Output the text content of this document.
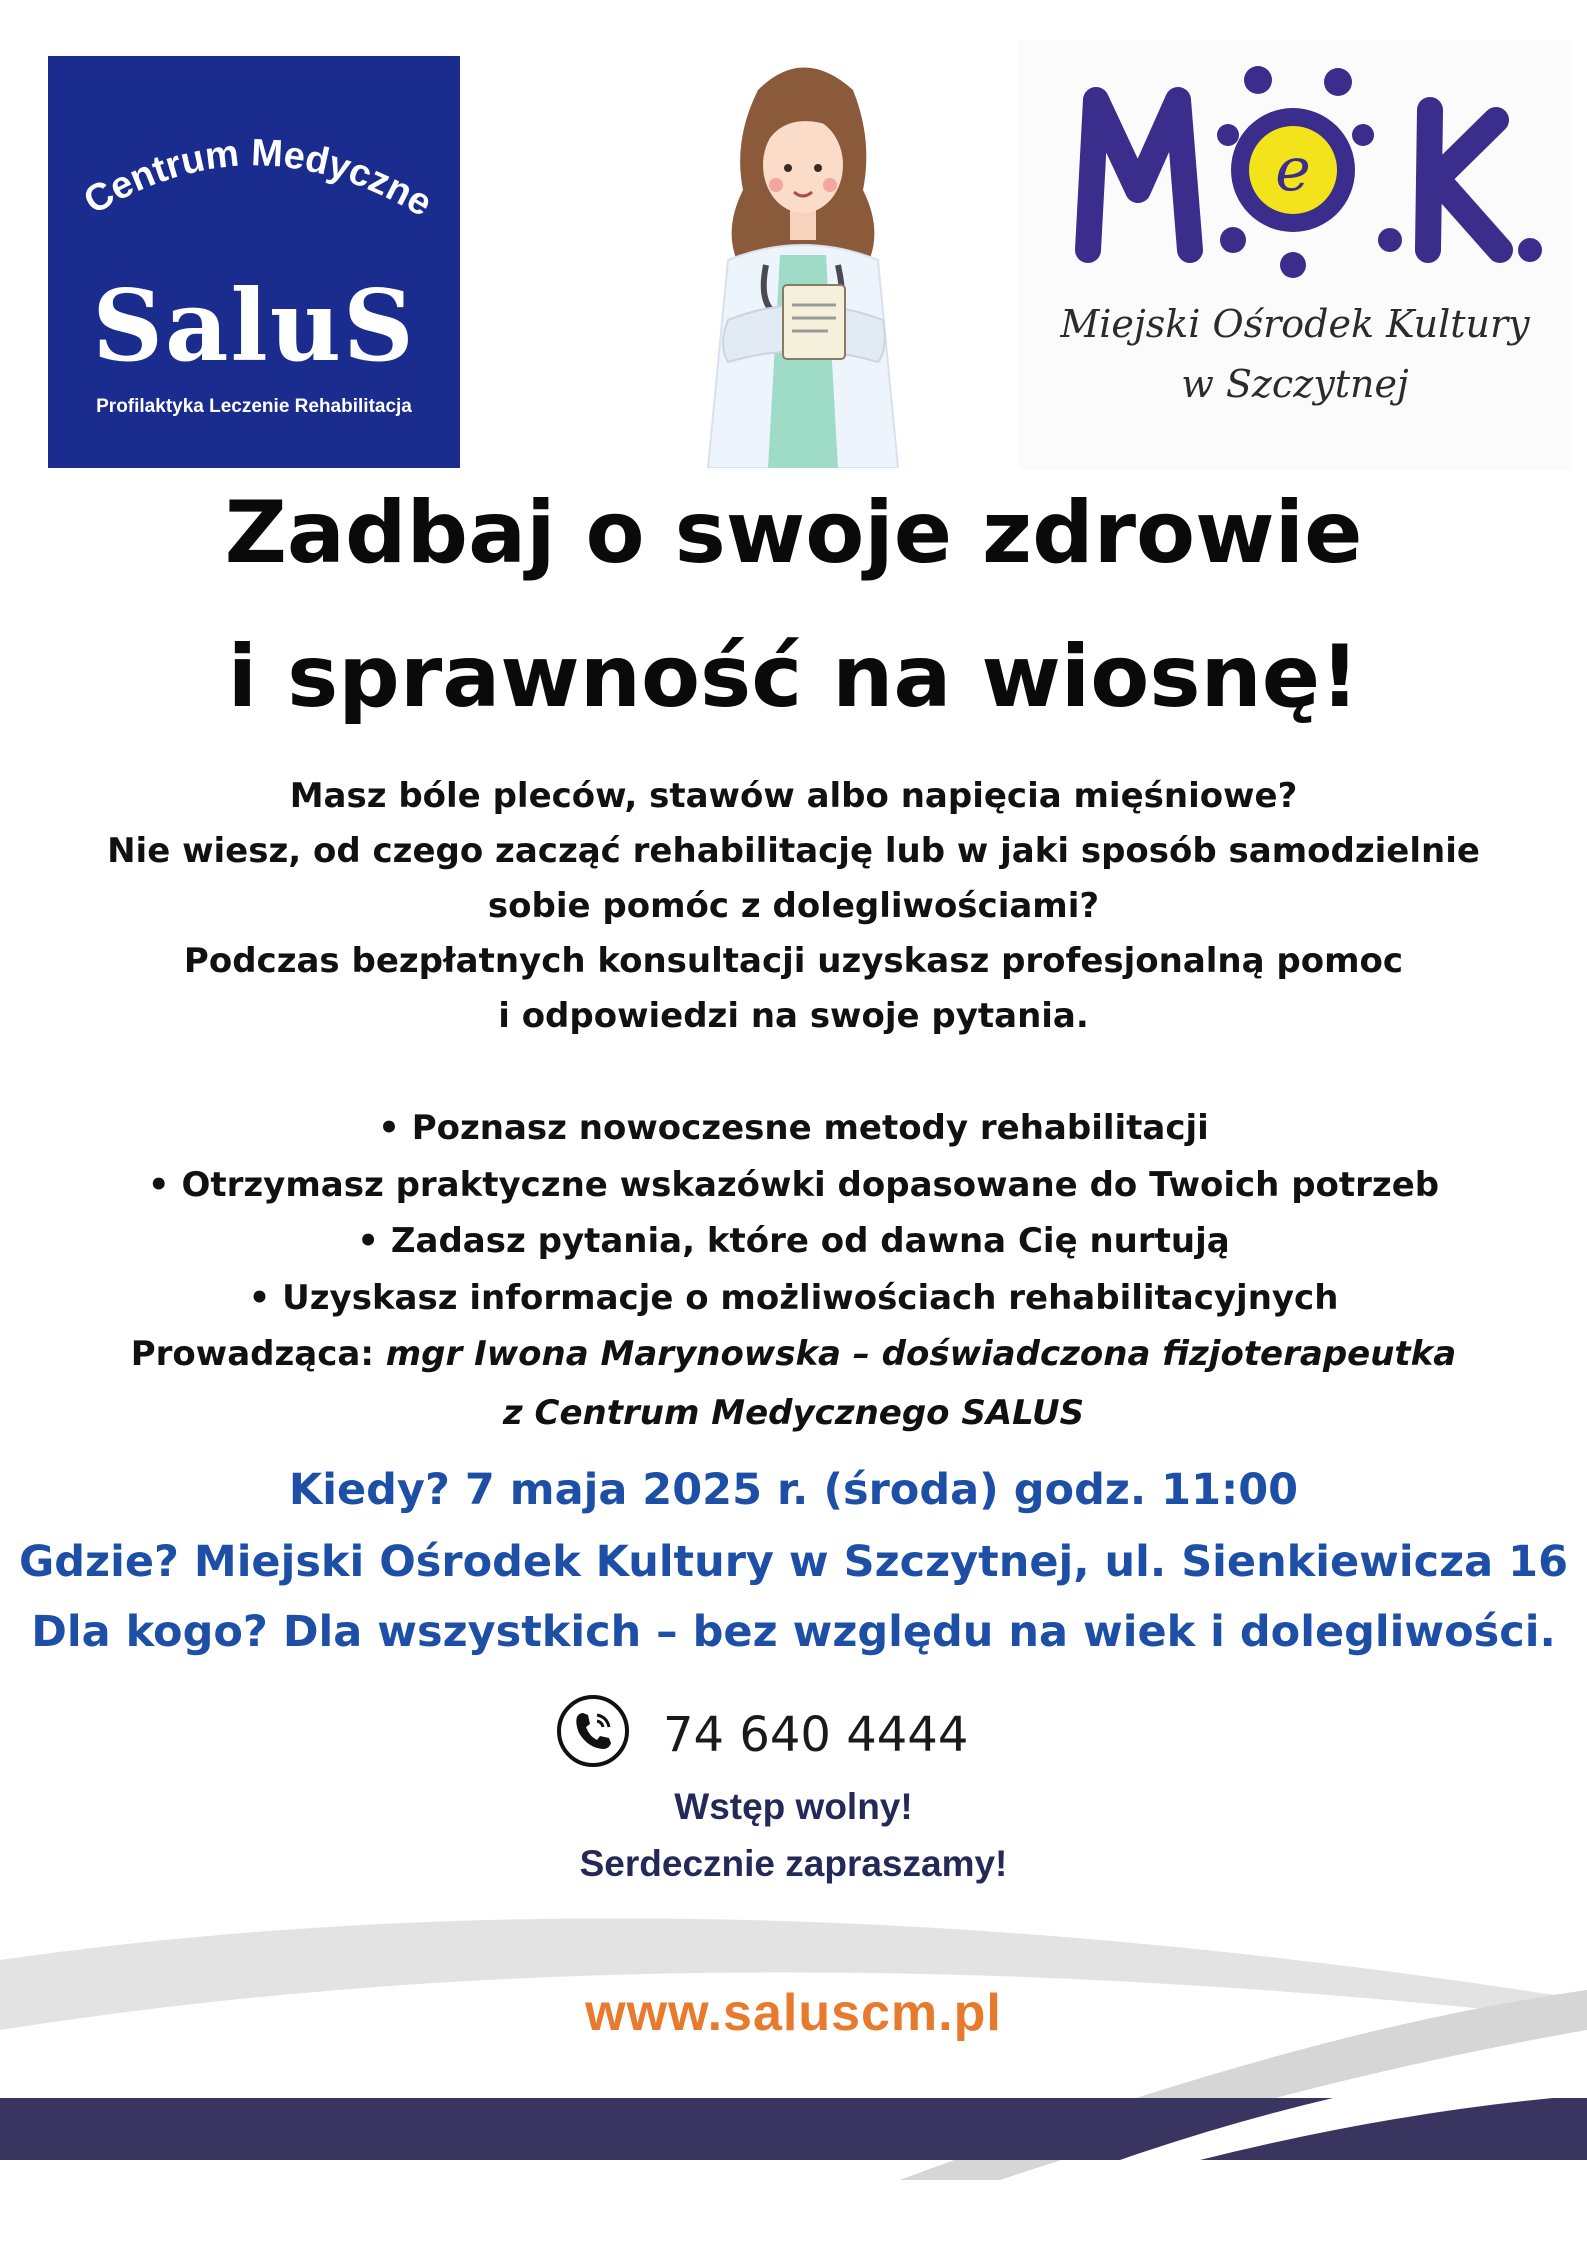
Centrum Medyczne
SaluS
Profilaktyka Leczenie Rehabilitacja
e
Miejski Ośrodek Kultury
w Szczytnej
Zadbaj o swoje zdrowie
i sprawność na wiosnę!
Masz bóle pleców, stawów albo napięcia mięśniowe?
Nie wiesz, od czego zacząć rehabilitację lub w jaki sposób samodzielnie
sobie pomóc z dolegliwościami?
Podczas bezpłatnych konsultacji uzyskasz profesjonalną pomoc
i odpowiedzi na swoje pytania.
• Poznasz nowoczesne metody rehabilitacji
• Otrzymasz praktyczne wskazówki dopasowane do Twoich potrzeb
• Zadasz pytania, które od dawna Cię nurtują
• Uzyskasz informacje o możliwościach rehabilitacyjnych
Prowadząca: mgr Iwona Marynowska – doświadczona fizjoterapeutka
z Centrum Medycznego SALUS
Kiedy? 7 maja 2025 r. (środa) godz. 11:00
Gdzie? Miejski Ośrodek Kultury w Szczytnej, ul. Sienkiewicza 16
Dla kogo? Dla wszystkich – bez względu na wiek i dolegliwości.
74 640 4444
Wstęp wolny!
Serdecznie zapraszamy!
www.saluscm.pl
